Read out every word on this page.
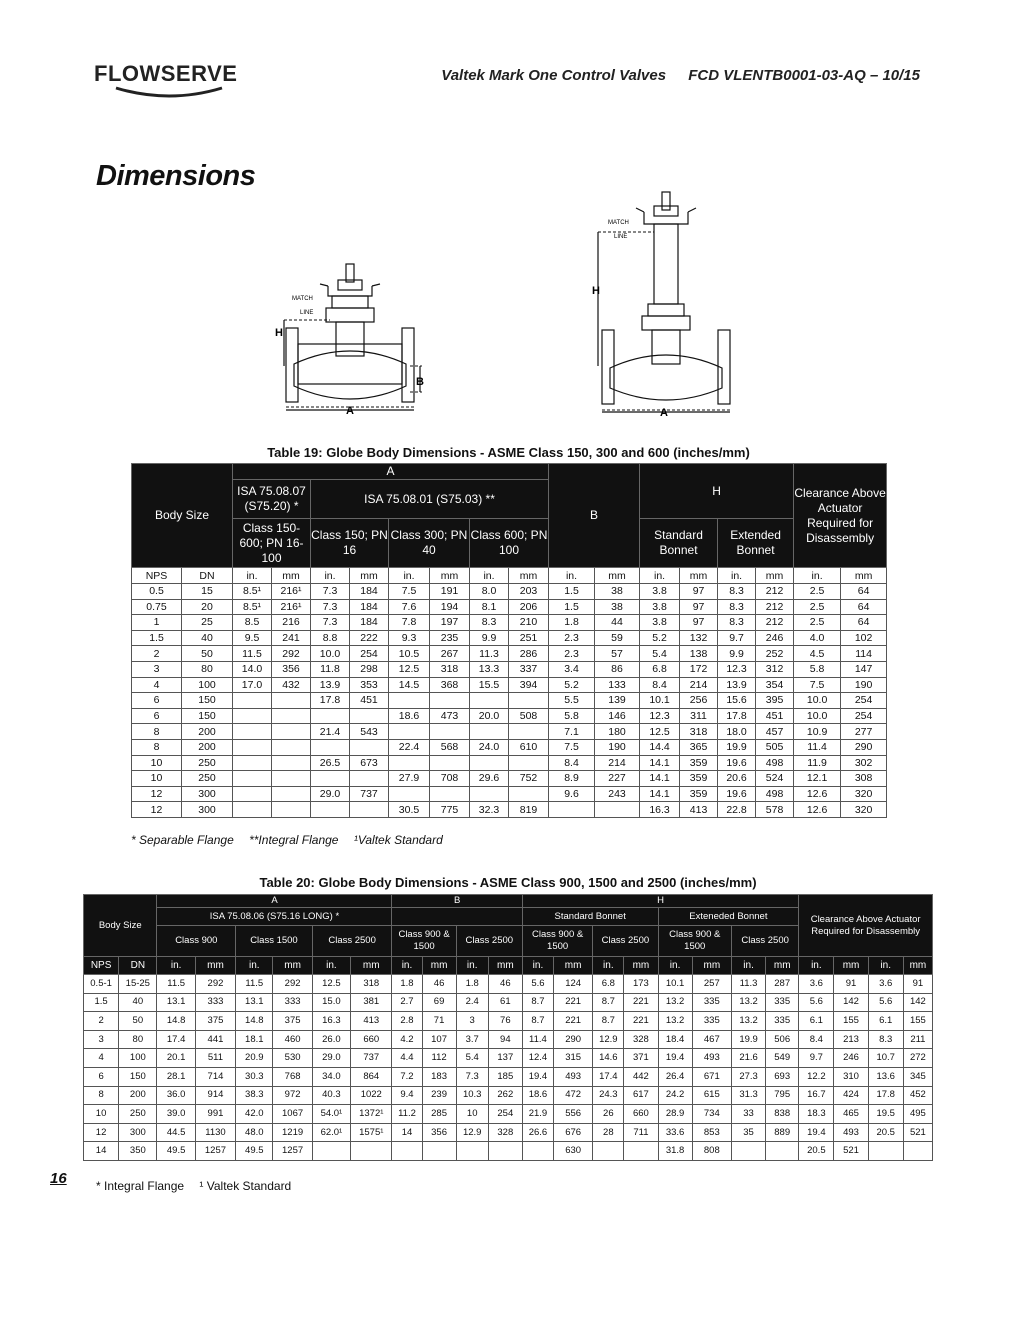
FLOWSERVE	Valtek Mark One Control Valves FCD VLENTB0001-03-AQ – 10/15
Dimensions
MATCH
LINE
H
B
A
MATCH
LINE
H
A
Table 19: Globe Body Dimensions - ASME Class 150, 300 and 600 (inches/mm)
Body Size		A								B		H				Clearance Above Actuator Required for Disassembly	
		ISA 75.08.07 (S75.20) *		ISA 75.08.01 (S75.03) **													
		Class 150-600; PN 16-100		Class 150; PN 16		Class 300; PN 40		Class 600; PN 100				Standard Bonnet		Extended Bonnet			
NPS	DN	in.	mm	in.	mm	in.	mm	in.	mm	in.	mm	in.	mm	in.	mm	in.	mm
0.5	15	8.5¹	216¹	7.3	184	7.5	191	8.0	203	1.5	38	3.8	97	8.3	212	2.5	64
0.75	20	8.5¹	216¹	7.3	184	7.6	194	8.1	206	1.5	38	3.8	97	8.3	212	2.5	64
1	25	8.5	216	7.3	184	7.8	197	8.3	210	1.8	44	3.8	97	8.3	212	2.5	64
1.5	40	9.5	241	8.8	222	9.3	235	9.9	251	2.3	59	5.2	132	9.7	246	4.0	102
2	50	11.5	292	10.0	254	10.5	267	11.3	286	2.3	57	5.4	138	9.9	252	4.5	114
3	80	14.0	356	11.8	298	12.5	318	13.3	337	3.4	86	6.8	172	12.3	312	5.8	147
4	100	17.0	432	13.9	353	14.5	368	15.5	394	5.2	133	8.4	214	13.9	354	7.5	190
6	150			17.8	451					5.5	139	10.1	256	15.6	395	10.0	254
6	150					18.6	473	20.0	508	5.8	146	12.3	311	17.8	451	10.0	254
8	200			21.4	543					7.1	180	12.5	318	18.0	457	10.9	277
8	200					22.4	568	24.0	610	7.5	190	14.4	365	19.9	505	11.4	290
10	250			26.5	673					8.4	214	14.1	359	19.6	498	11.9	302
10	250					27.9	708	29.6	752	8.9	227	14.1	359	20.6	524	12.1	308
12	300			29.0	737					9.6	243	14.1	359	19.6	498	12.6	320
12	300					30.5	775	32.3	819			16.3	413	22.8	578	12.6	320
* Separable Flange **Integral Flange ¹Valtek Standard
Table 20: Globe Body Dimensions - ASME Class 900, 1500 and 2500 (inches/mm)
Body Size		A						B				H								Clearance Above Actuator Required for Disassembly			
		ISA 75.08.06 (S75.16 LONG) *										Standard Bonnet				Exteneded Bonnet							
		Class 900		Class 1500		Class 2500		Class 900 & 1500		Class 2500		Class 900 & 1500		Class 2500		Class 900 & 1500		Class 2500					
NPS	DN	in.	mm	in.	mm	in.	mm	in.	mm	in.	mm	in.	mm	in.	mm	in.	mm	in.	mm	in.	mm	in.	mm
0.5-1	15-25	11.5	292	11.5	292	12.5	318	1.8	46	1.8	46	5.6	124	6.8	173	10.1	257	11.3	287	3.6	91	3.6	91
1.5	40	13.1	333	13.1	333	15.0	381	2.7	69	2.4	61	8.7	221	8.7	221	13.2	335	13.2	335	5.6	142	5.6	142
2	50	14.8	375	14.8	375	16.3	413	2.8	71	3	76	8.7	221	8.7	221	13.2	335	13.2	335	6.1	155	6.1	155
3	80	17.4	441	18.1	460	26.0	660	4.2	107	3.7	94	11.4	290	12.9	328	18.4	467	19.9	506	8.4	213	8.3	211
4	100	20.1	511	20.9	530	29.0	737	4.4	112	5.4	137	12.4	315	14.6	371	19.4	493	21.6	549	9.7	246	10.7	272
6	150	28.1	714	30.3	768	34.0	864	7.2	183	7.3	185	19.4	493	17.4	442	26.4	671	27.3	693	12.2	310	13.6	345
8	200	36.0	914	38.3	972	40.3	1022	9.4	239	10.3	262	18.6	472	24.3	617	24.2	615	31.3	795	16.7	424	17.8	452
10	250	39.0	991	42.0	1067	54.0¹	1372¹	11.2	285	10	254	21.9	556	26	660	28.9	734	33	838	18.3	465	19.5	495
12	300	44.5	1130	48.0	1219	62.0¹	1575¹	14	356	12.9	328	26.6	676	28	711	33.6	853	35	889	19.4	493	20.5	521
14	350	49.5	1257	49.5	1257								630			31.8	808			20.5	521		
16 * Integral Flange ¹ Valtek Standard
